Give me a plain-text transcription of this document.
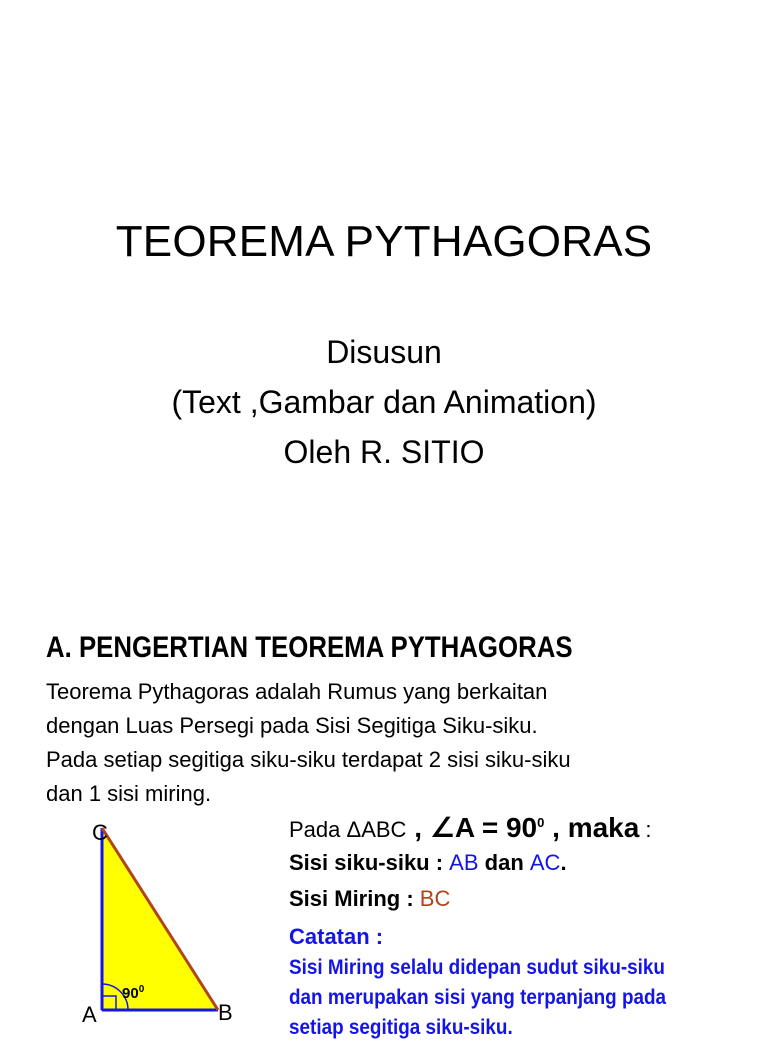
TEOREMA PYTHAGORAS
Disusun
(Text ,Gambar dan Animation)
Oleh R. SITIO
A. PENGERTIAN TEOREMA PYTHAGORAS
Teorema Pythagoras adalah Rumus yang berkaitan
dengan Luas Persegi pada Sisi Segitiga Siku-siku.
Pada setiap segitiga siku-siku terdapat 2 sisi siku-siku
dan 1 sisi miring.
$90^0$
C
A	B
Pada ΔABC , ∠A = $90^0$ , maka :
Sisi siku-siku : AB dan AC.
Sisi Miring : BC
Catatan :
Sisi Miring selalu didepan sudut siku-siku
dan merupakan sisi yang terpanjang pada
setiap segitiga siku-siku.
